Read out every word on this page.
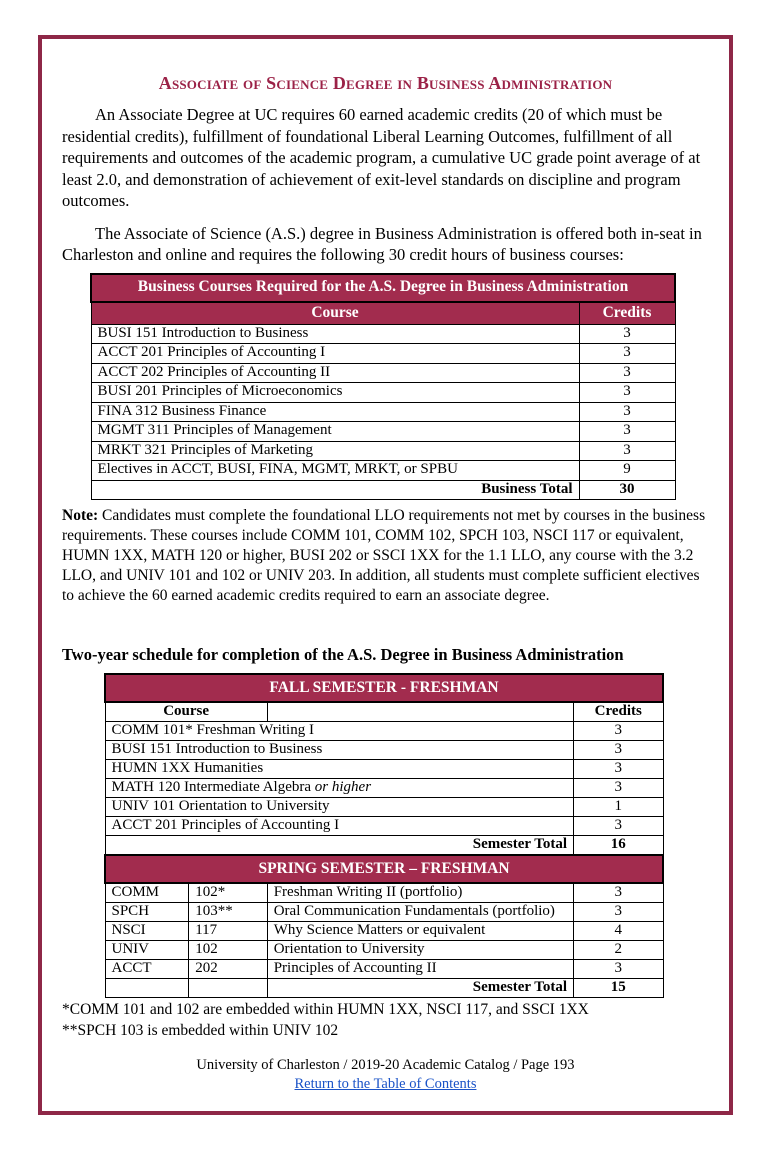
Associate of Science Degree in Business Administration

An Associate Degree at UC requires 60 earned academic credits (20 of which must be residential credits), fulfillment of foundational Liberal Learning Outcomes, fulfillment of all requirements and outcomes of the academic program, a cumulative UC grade point average of at least 2.0, and demonstration of achievement of exit-level standards on discipline and program outcomes.

The Associate of Science (A.S.) degree in Business Administration is offered both in-seat in Charleston and online and requires the following 30 credit hours of business courses:

Business Courses Required for the A.S. Degree in Business Administration	
Course	Credits
BUSI 151 Introduction to Business	3
ACCT 201 Principles of Accounting I	3
ACCT 202 Principles of Accounting II	3
BUSI 201 Principles of Microeconomics	3
FINA 312 Business Finance	3
MGMT 311 Principles of Management	3
MRKT 321 Principles of Marketing	3
Electives in ACCT, BUSI, FINA, MGMT, MRKT, or SPBU	9
Business Total	30

Note: Candidates must complete the foundational LLO requirements not met by courses in the business requirements. These courses include COMM 101, COMM 102, SPCH 103, NSCI 117 or equivalent, HUMN 1XX, MATH 120 or higher, BUSI 202 or SSCI 1XX for the 1.1 LLO, any course with the 3.2 LLO, and UNIV 101 and 102 or UNIV 203. In addition, all students must complete sufficient electives to achieve the 60 earned academic credits required to earn an associate degree.

Two-year schedule for completion of the A.S. Degree in Business Administration
FALL SEMESTER - FRESHMAN			
Course			Credits
COMM 101* Freshman Writing I			3
BUSI 151 Introduction to Business			3
HUMN 1XX Humanities			3
MATH 120 Intermediate Algebra or higher			3
UNIV 101 Orientation to University			1
ACCT 201 Principles of Accounting I			3
Semester Total			16
SPRING SEMESTER – FRESHMAN			
COMM	102*	Freshman Writing II (portfolio)	3
SPCH	103**	Oral Communication Fundamentals (portfolio)	3
NSCI	117	Why Science Matters or equivalent	4
UNIV	102	Orientation to University	2
ACCT	202	Principles of Accounting II	3
		Semester Total	15

*COMM 101 and 102 are embedded within HUMN 1XX, NSCI 117, and SSCI 1XX

**SPCH 103 is embedded within UNIV 102

University of Charleston / 2019-20 Academic Catalog / Page 193
Return to the Table of Contents
